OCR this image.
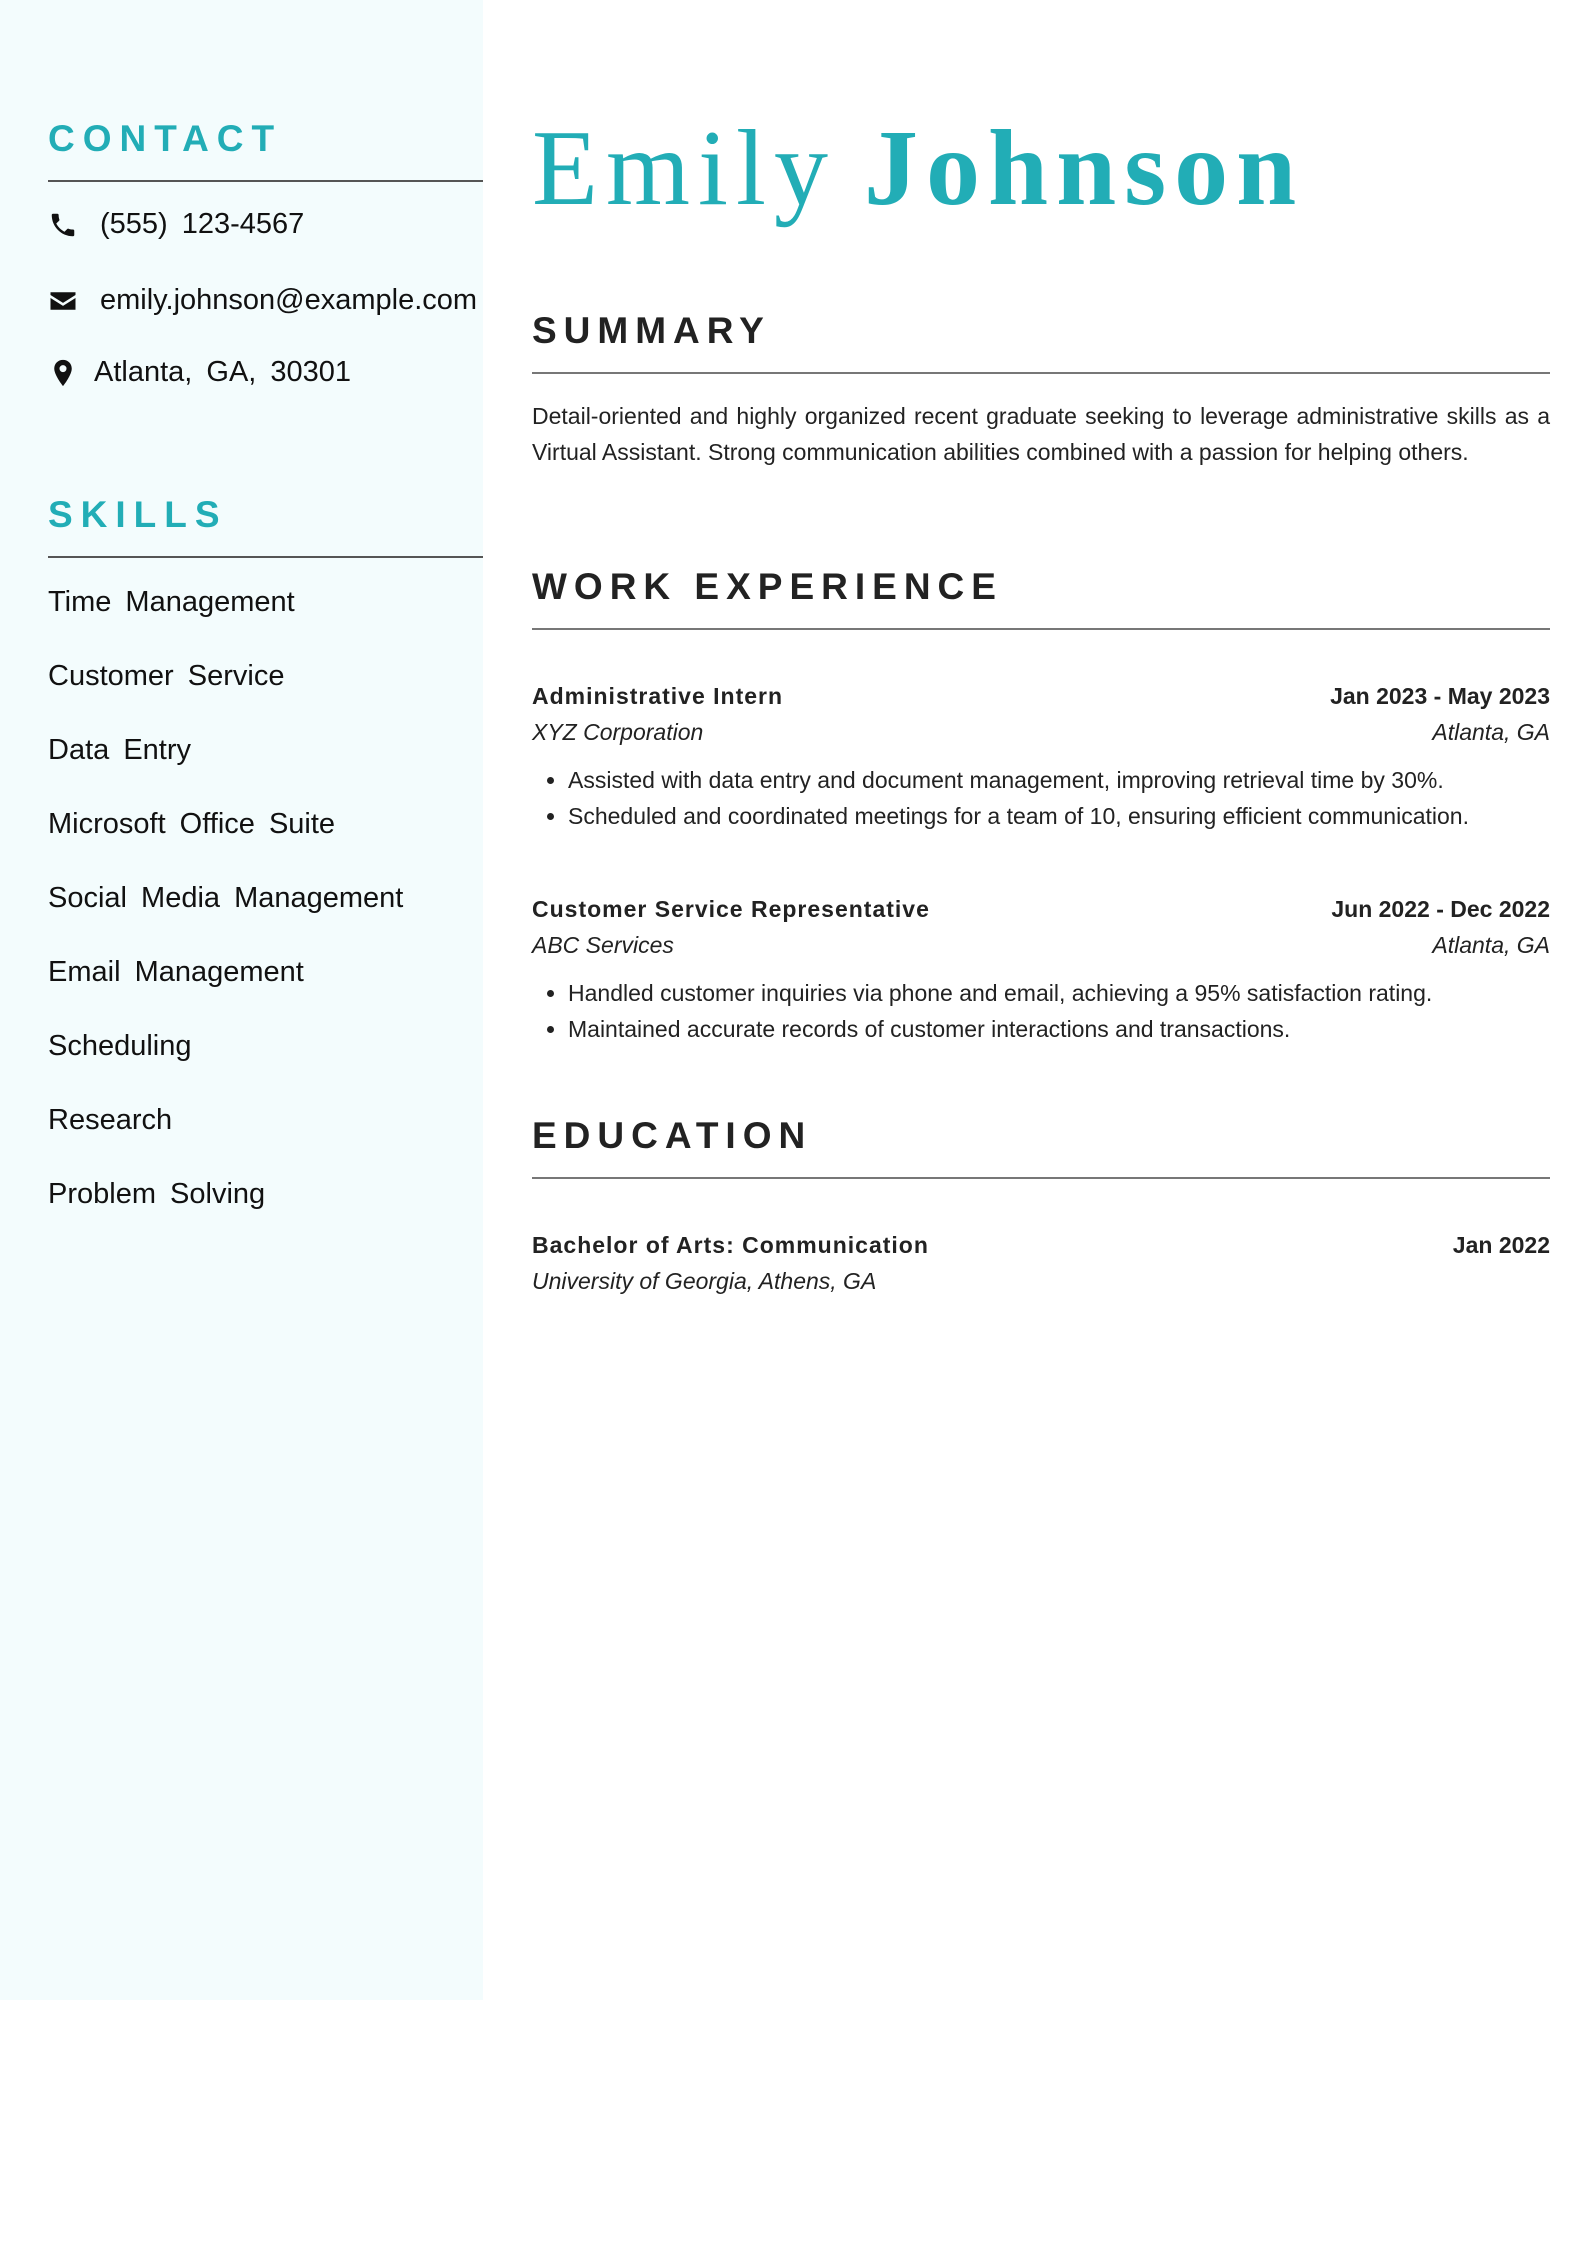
CONTACT
(555) 123-4567
emily.johnson@example.com
Atlanta, GA, 30301
SKILLS
Time Management
Customer Service
Data Entry
Microsoft Office Suite
Social Media Management
Email Management
Scheduling
Research
Problem Solving
Emily Johnson
SUMMARY

Detail-oriented and highly organized recent graduate seeking to leverage administrative skills as a Virtual Assistant. Strong communication abilities combined with a passion for helping others.

WORK EXPERIENCE
Administrative Intern	Jan 2023 - May 2023
XYZ Corporation	Atlanta, GA
• Assisted with data entry and document management, improving retrieval time by 30%.
• Scheduled and coordinated meetings for a team of 10, ensuring efficient communication.
Customer Service Representative	Jun 2022 - Dec 2022
ABC Services	Atlanta, GA
• Handled customer inquiries via phone and email, achieving a 95% satisfaction rating.
• Maintained accurate records of customer interactions and transactions.
EDUCATION
Bachelor of Arts: Communication	Jan 2022
University of Georgia, Athens, GA
